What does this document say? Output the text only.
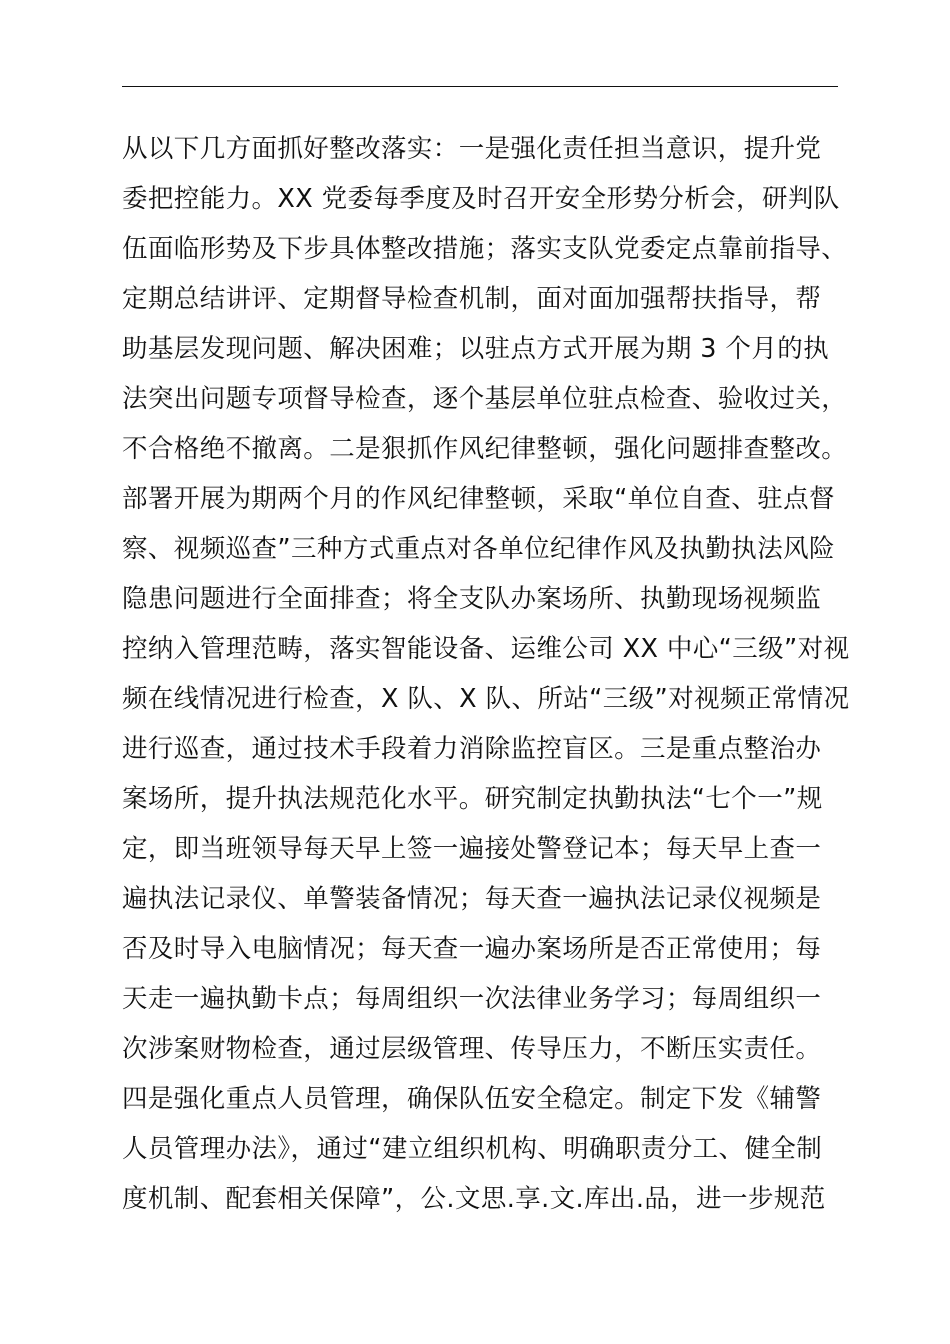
从以下几方面抓好整改落实：一是强化责任担当意识，提升党
委把控能力。XX 党委每季度及时召开安全形势分析会，研判队
伍面临形势及下步具体整改措施；落实支队党委定点靠前指导、
定期总结讲评、定期督导检查机制，面对面加强帮扶指导，帮
助基层发现问题、解决困难；以驻点方式开展为期 3 个月的执
法突出问题专项督导检查，逐个基层单位驻点检查、验收过关，
不合格绝不撤离。二是狠抓作风纪律整顿，强化问题排查整改。
部署开展为期两个月的作风纪律整顿，采取“单位自查、驻点督
察、视频巡查”三种方式重点对各单位纪律作风及执勤执法风险
隐患问题进行全面排查；将全支队办案场所、执勤现场视频监
控纳入管理范畴，落实智能设备、运维公司 XX 中心“三级”对视
频在线情况进行检查，X 队、X 队、所站“三级”对视频正常情况
进行巡查，通过技术手段着力消除监控盲区。三是重点整治办
案场所，提升执法规范化水平。研究制定执勤执法“七个一”规
定，即当班领导每天早上签一遍接处警登记本；每天早上查一
遍执法记录仪、单警装备情况；每天查一遍执法记录仪视频是
否及时导入电脑情况；每天查一遍办案场所是否正常使用；每
天走一遍执勤卡点；每周组织一次法律业务学习；每周组织一
次涉案财物检查，通过层级管理、传导压力，不断压实责任。
四是强化重点人员管理，确保队伍安全稳定。制定下发《辅警
人员管理办法》，通过“建立组织机构、明确职责分工、健全制
度机制、配套相关保障”，公.文思.享.文.库出.品，进一步规范
